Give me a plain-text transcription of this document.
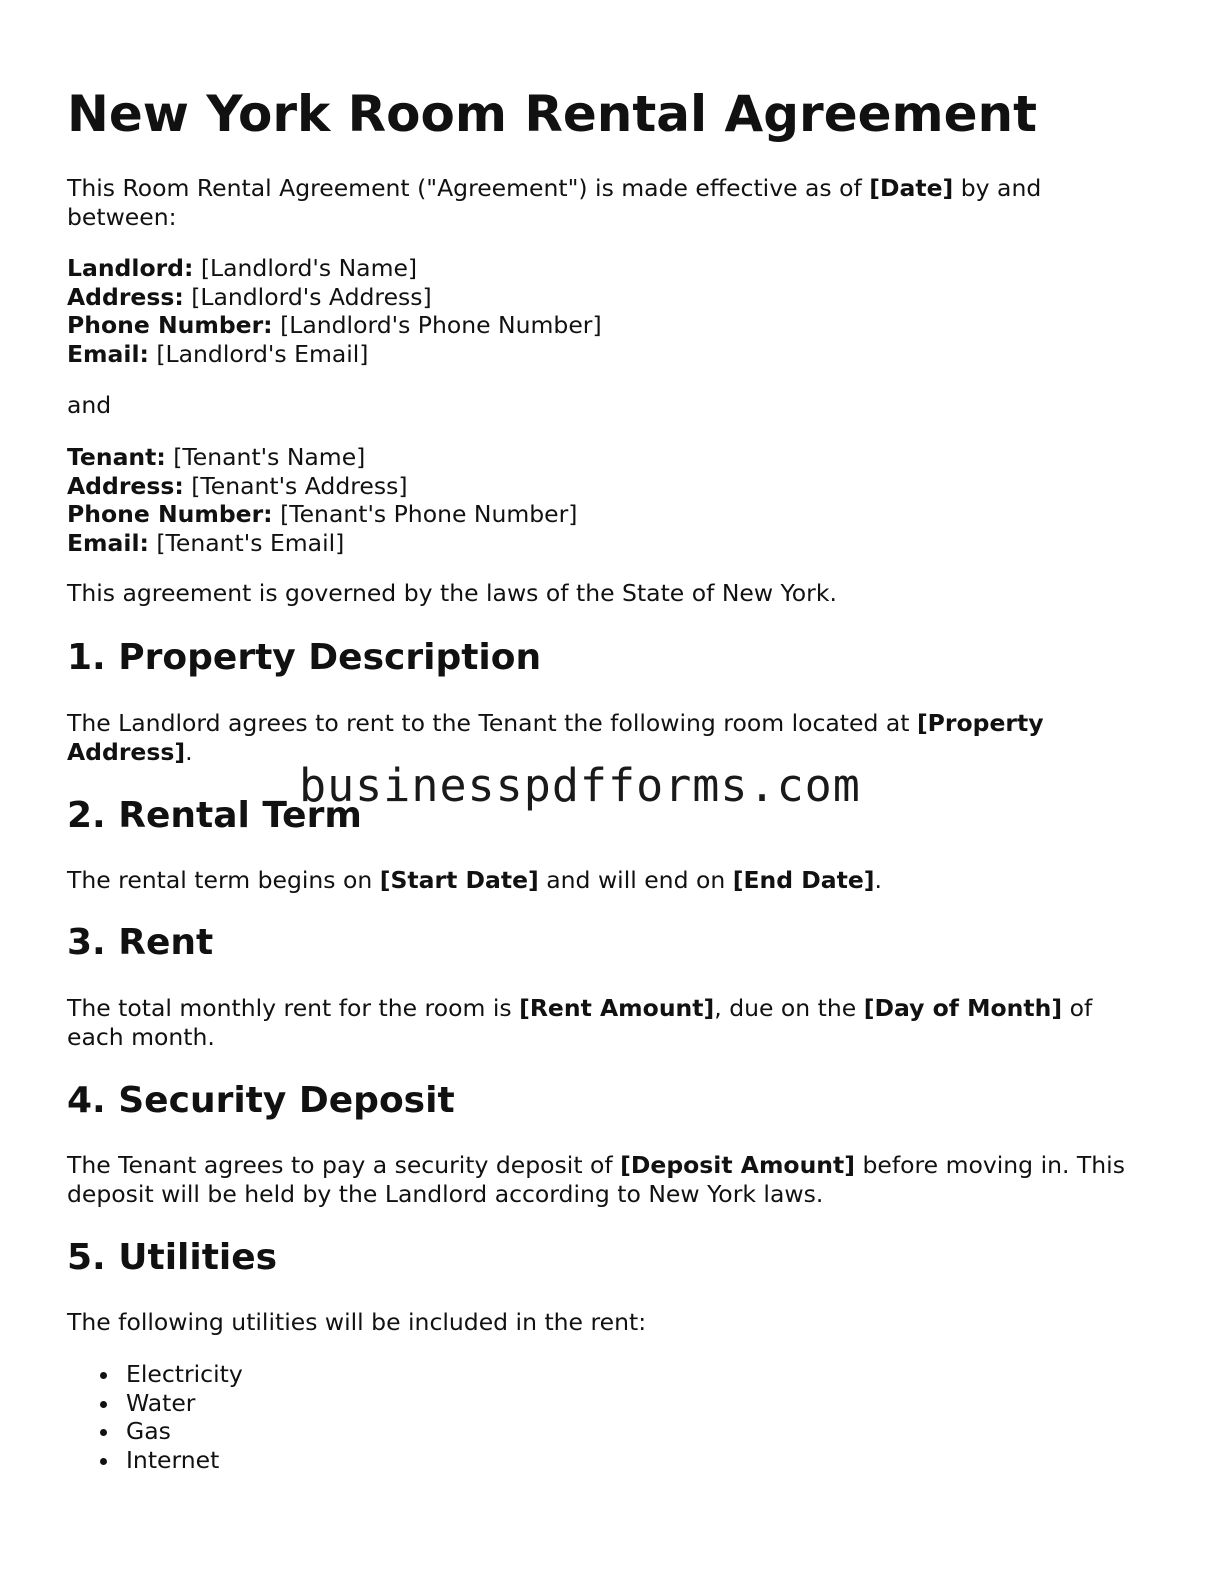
New York Room Rental Agreement

This Room Rental Agreement ("Agreement") is made effective as of [Date] by and
between:

Landlord: [Landlord's Name]
Address: [Landlord's Address]
Phone Number: [Landlord's Phone Number]
Email: [Landlord's Email]

and

Tenant: [Tenant's Name]
Address: [Tenant's Address]
Phone Number: [Tenant's Phone Number]
Email: [Tenant's Email]

This agreement is governed by the laws of the State of New York.

1. Property Description

The Landlord agrees to rent to the Tenant the following room located at [Property
Address].

2. Rental Term

The rental term begins on [Start Date] and will end on [End Date].

3. Rent

The total monthly rent for the room is [Rent Amount], due on the [Day of Month] of
each month.

4. Security Deposit

The Tenant agrees to pay a security deposit of [Deposit Amount] before moving in. This
deposit will be held by the Landlord according to New York laws.

5. Utilities

The following utilities will be included in the rent:

Electricity
Water
Gas
Internet
businesspdfforms.com
